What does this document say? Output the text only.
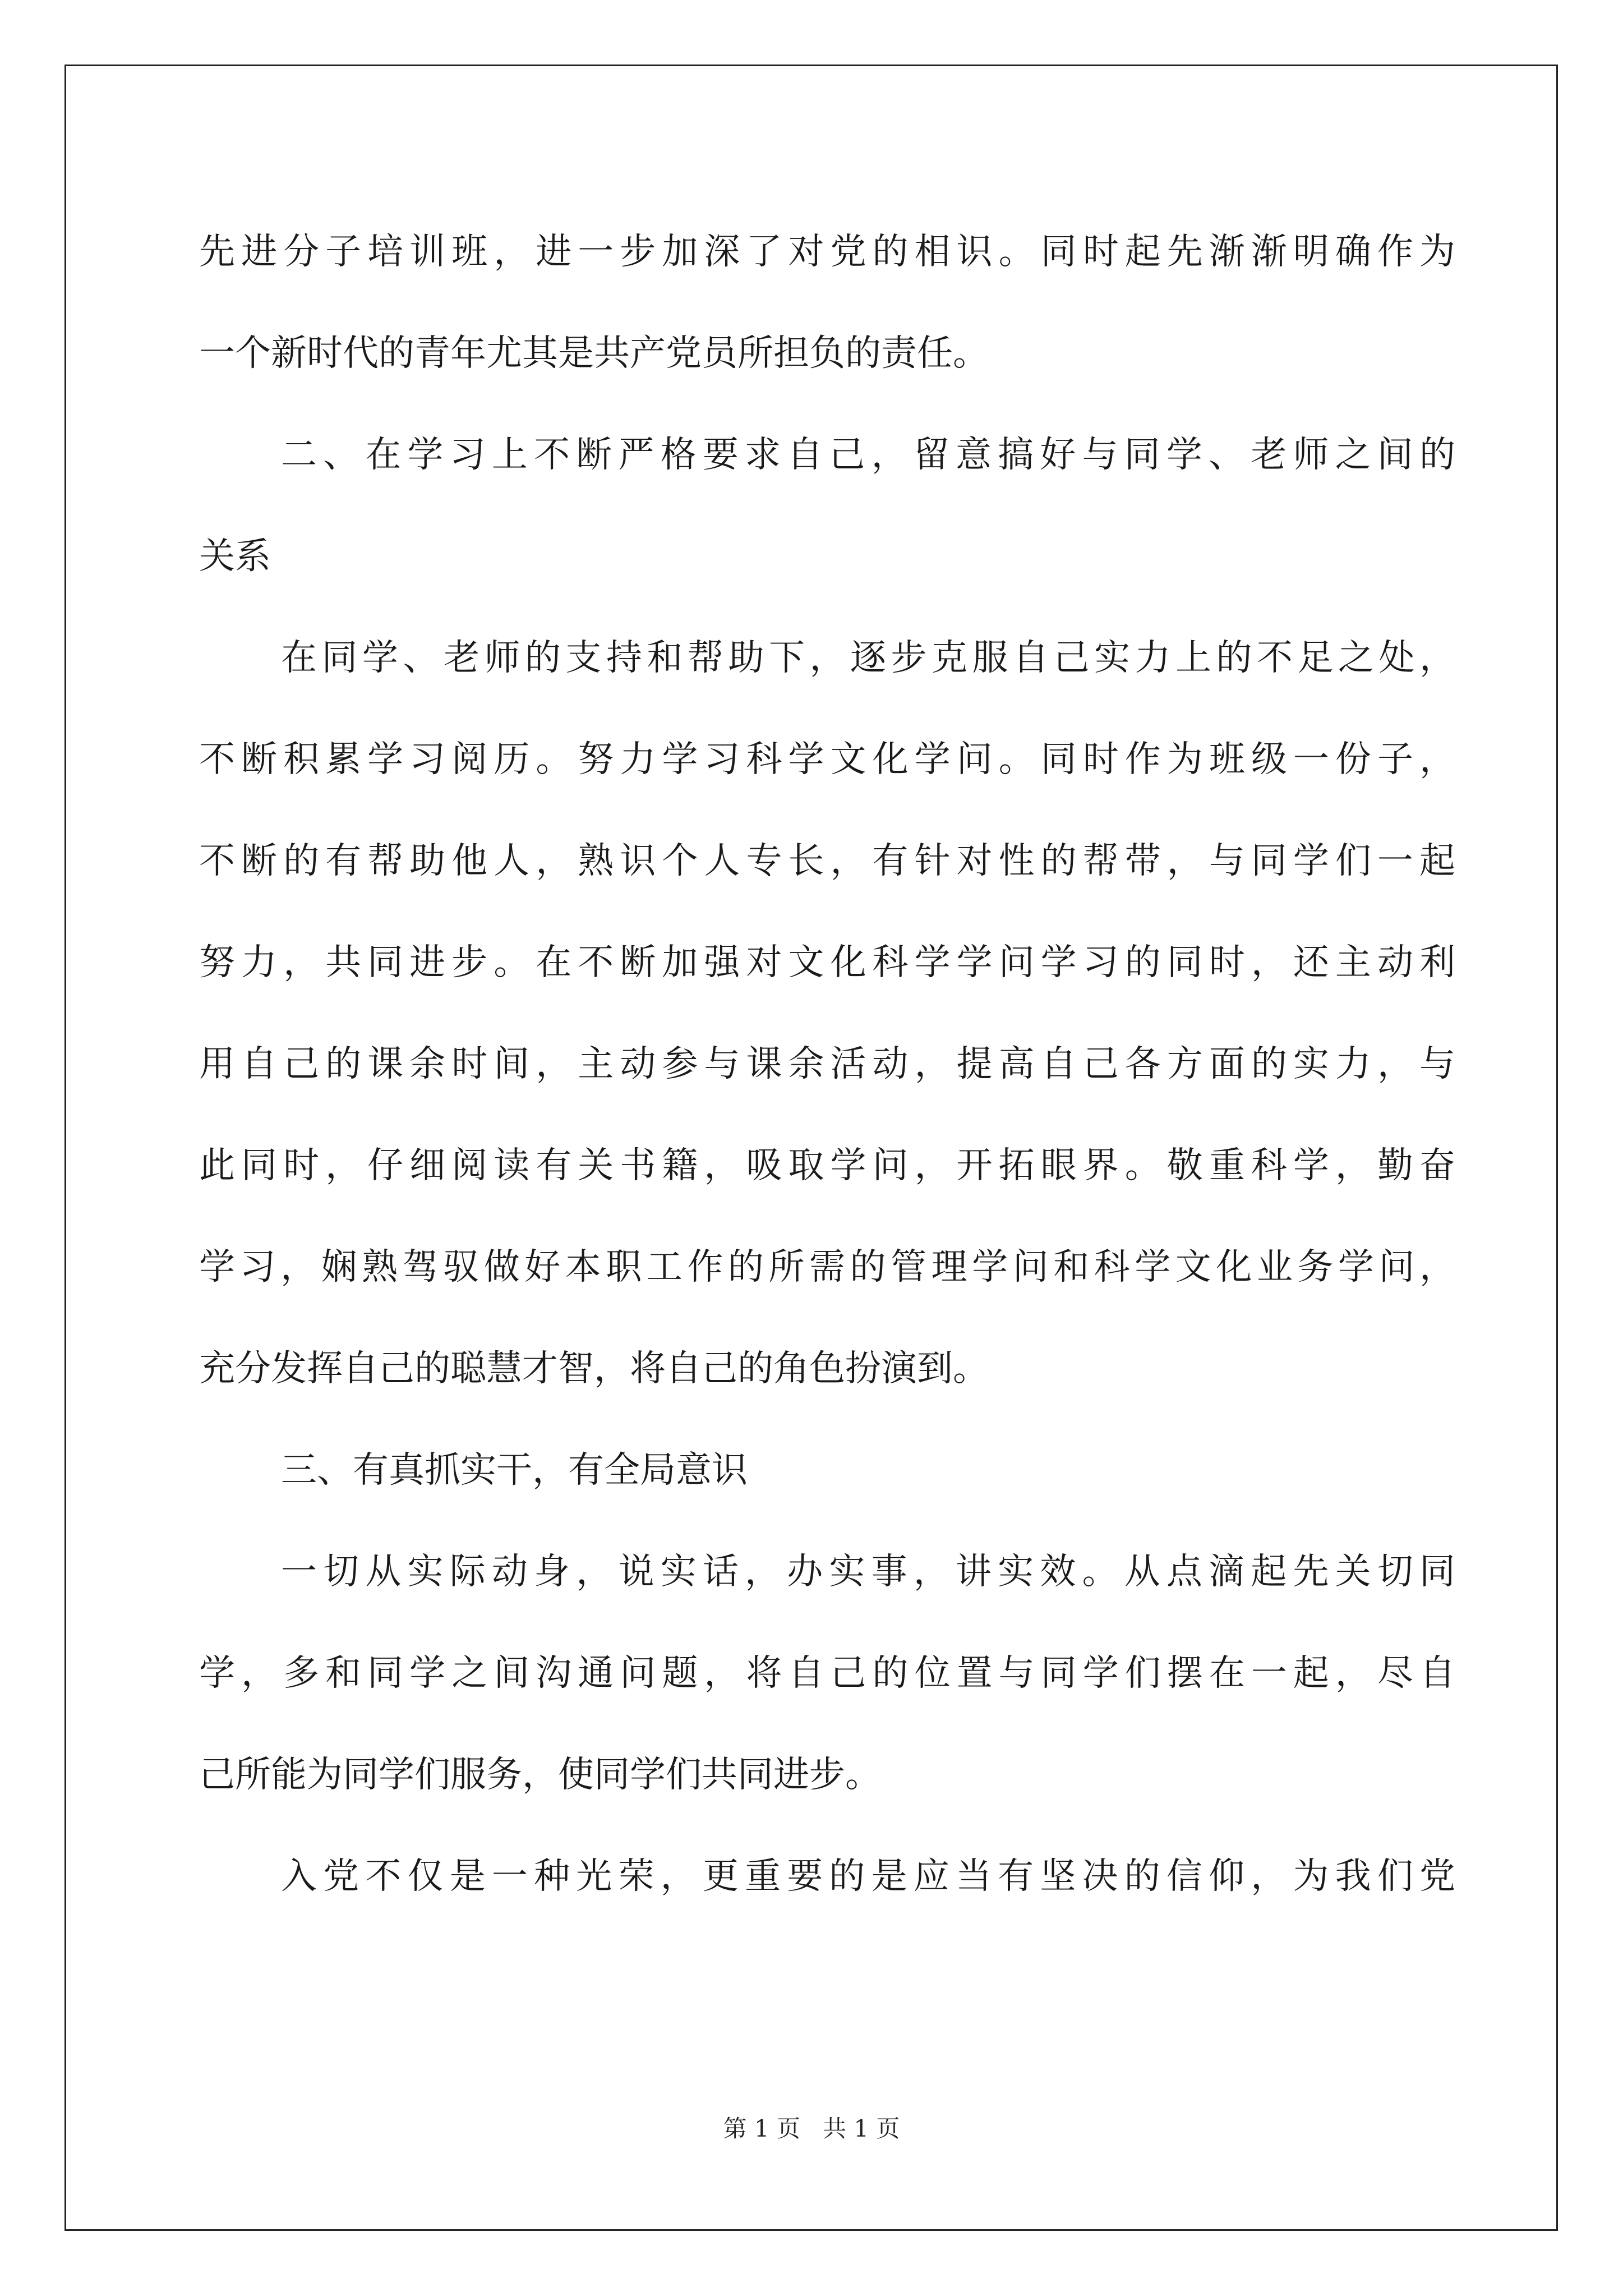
先进分子培训班，进一步加深了对党的相识。同时起先渐渐明确作为
一个新时代的青年尤其是共产党员所担负的责任。
二、在学习上不断严格要求自己，留意搞好与同学、老师之间的
关系
在同学、老师的支持和帮助下，逐步克服自己实力上的不足之处，
不断积累学习阅历。努力学习科学文化学问。同时作为班级一份子，
不断的有帮助他人，熟识个人专长，有针对性的帮带，与同学们一起
努力，共同进步。在不断加强对文化科学学问学习的同时，还主动利
用自己的课余时间，主动参与课余活动，提高自己各方面的实力，与
此同时，仔细阅读有关书籍，吸取学问，开拓眼界。敬重科学，勤奋
学习，娴熟驾驭做好本职工作的所需的管理学问和科学文化业务学问，
充分发挥自己的聪慧才智，将自己的角色扮演到。
三、有真抓实干，有全局意识
一切从实际动身，说实话，办实事，讲实效。从点滴起先关切同
学，多和同学之间沟通问题，将自己的位置与同学们摆在一起，尽自
己所能为同学们服务，使同学们共同进步。
入党不仅是一种光荣，更重要的是应当有坚决的信仰，为我们党
第 1 页 共 1 页
